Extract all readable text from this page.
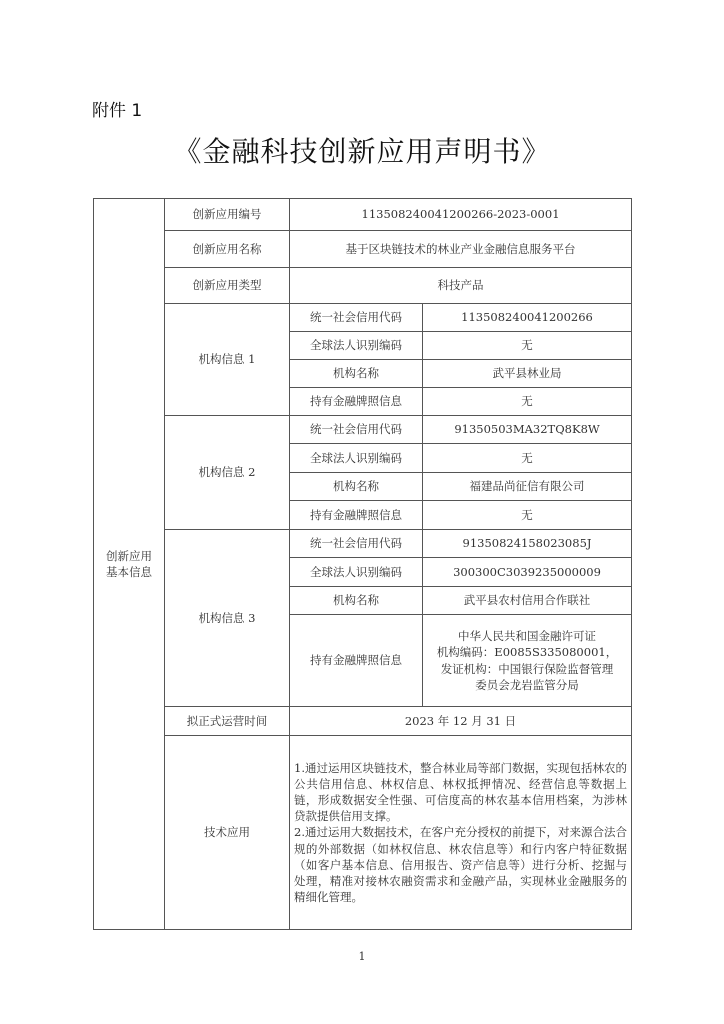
附件 1
《金融科技创新应用声明书》
创新应用
基本信息	创新应用编号	113508240041200266-2023-0001	
	创新应用名称	基于区块链技术的林业产业金融信息服务平台	
	创新应用类型	科技产品	
	机构信息 1	统一社会信用代码	113508240041200266
		全球法人识别编码	无
		机构名称	武平县林业局
		持有金融牌照信息	无
	机构信息 2	统一社会信用代码	91350503MA32TQ8K8W
		全球法人识别编码	无
		机构名称	福建品尚征信有限公司
		持有金融牌照信息	无
	机构信息 3	统一社会信用代码	91350824158023085J
		全球法人识别编码	300300C3039235000009
		机构名称	武平县农村信用合作联社
		持有金融牌照信息	中华人民共和国金融许可证
机构编码：E0085S335080001，
发证机构：中国银行保险监督管理
委员会龙岩监管分局

	拟正式运营时间	2023 年 12 月 31 日	
	技术应用	1.通过运用区块链技术，整合林业局等部门数据，实现包括林农的公共信用信息、林权信息、林权抵押情况、经营信息等数据上链，形成数据安全性强、可信度高的林农基本信用档案，为涉林贷款提供信用支撑。
2.通过运用大数据技术，在客户充分授权的前提下，对来源合法合规的外部数据（如林权信息、林农信息等）和行内客户特征数据（如客户基本信息、信用报告、资产信息等）进行分析、挖掘与处理，精准对接林农融资需求和金融产品，实现林业金融服务的精细化管理。	
1
